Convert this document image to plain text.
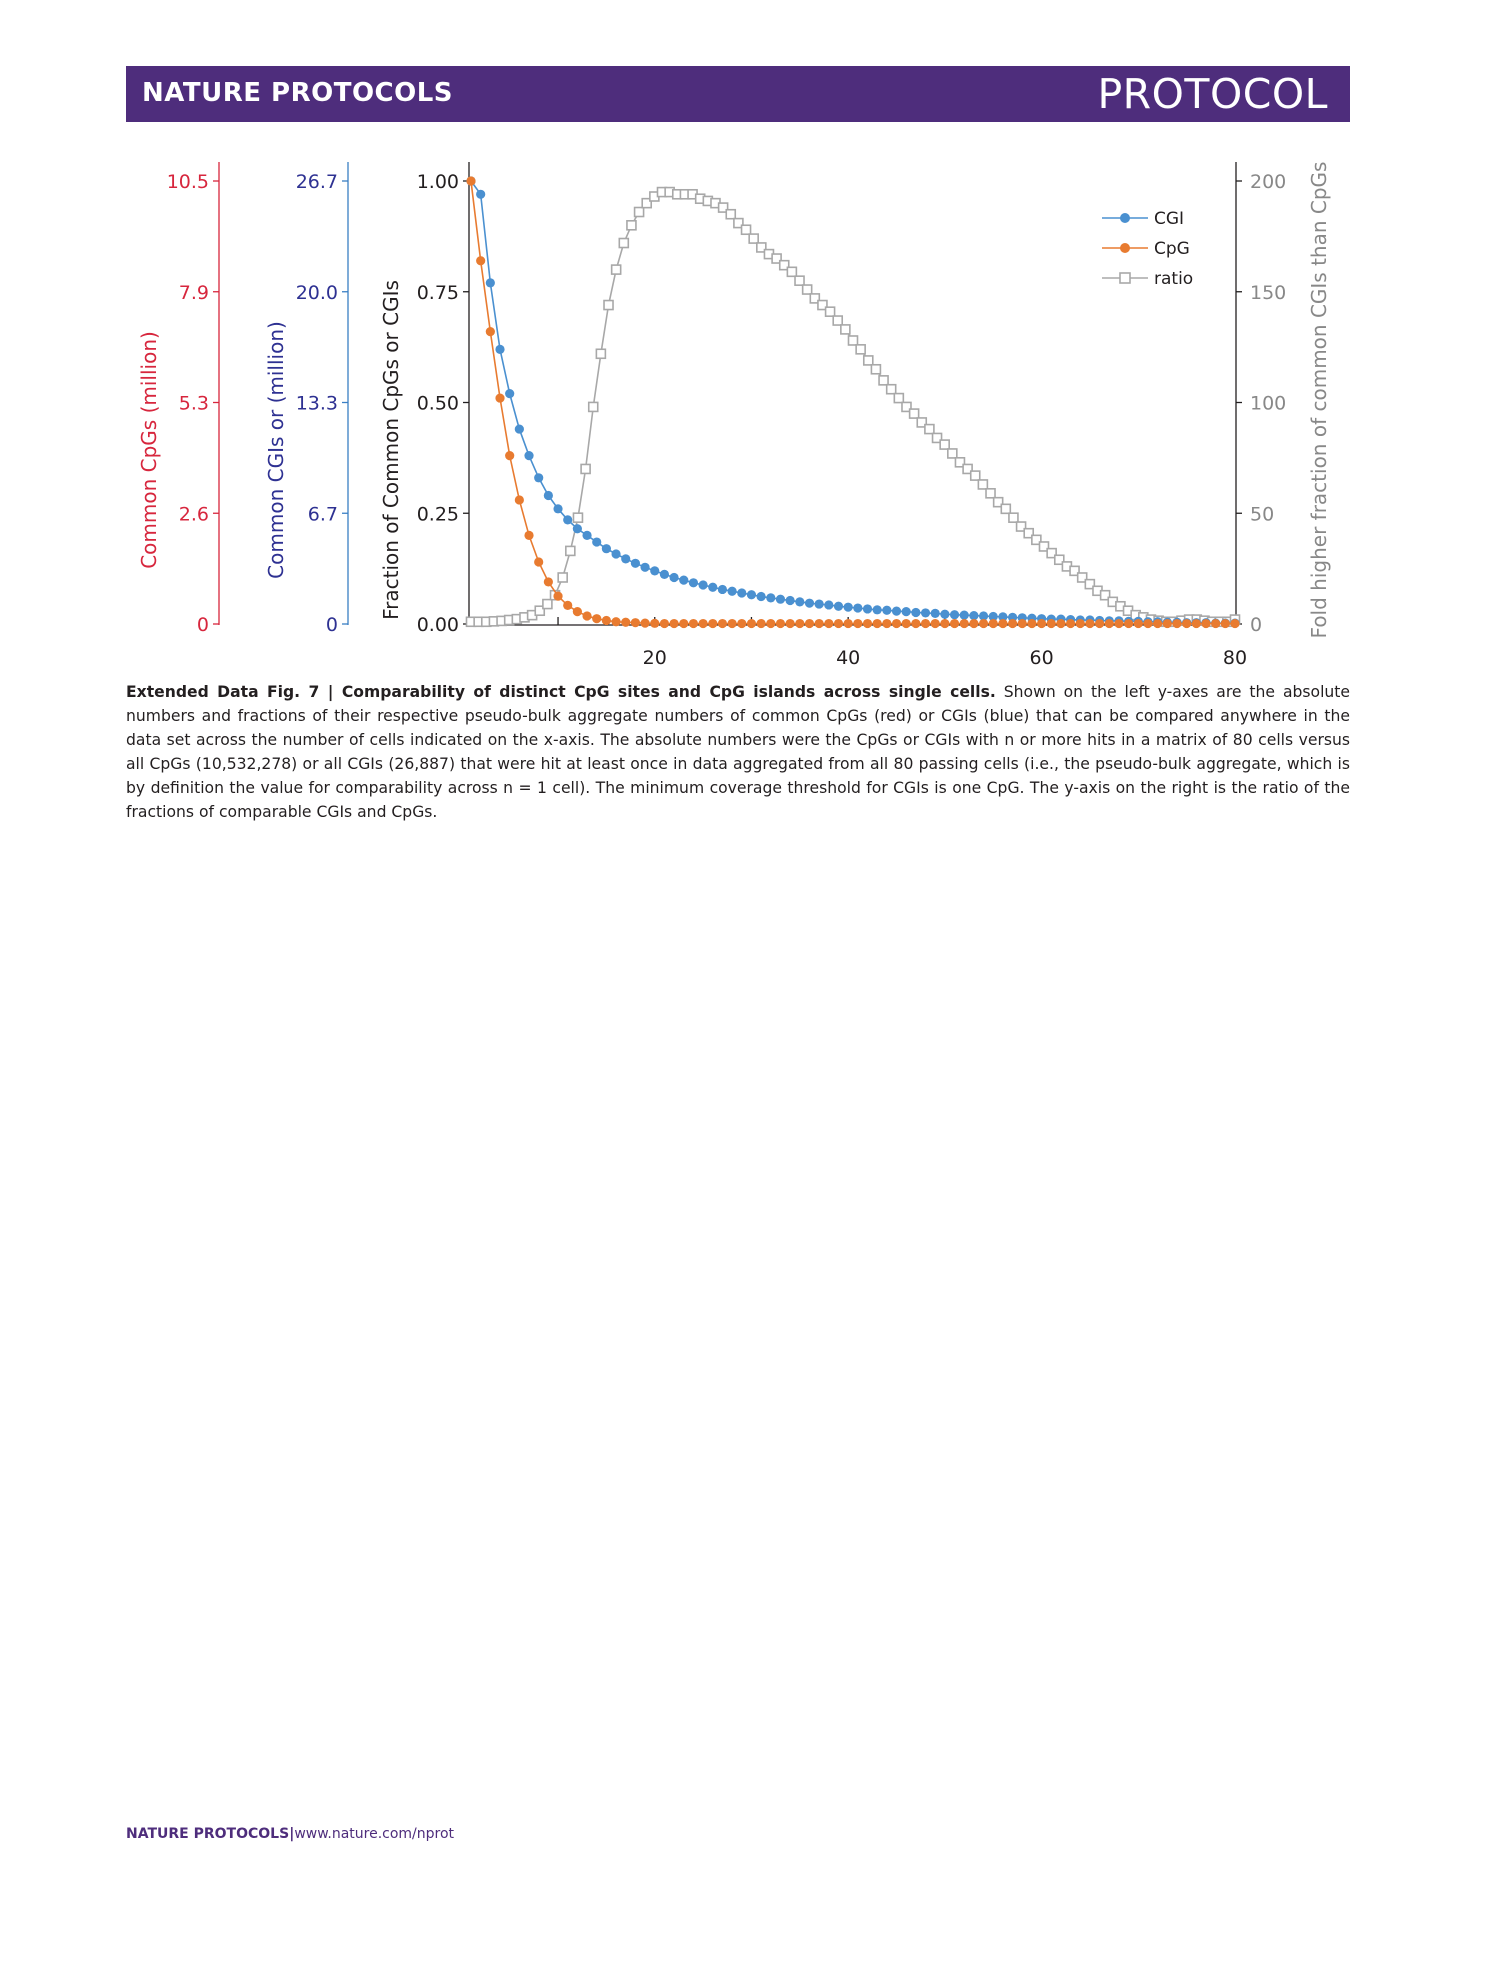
NATURE PROTOCOLS	PROTOCOL
0
2.6
5.3
7.9
10.5
Common CpGs (million)
0
6.7
13.3
20.0
26.7
Common CGIs or (million)
0.00
0.25
0.50
0.75
1.00
Fraction of Common CpGs or CGIs
20	40	60	80
0
50
100
150
200 Fold higher fraction of common CGIs than CpGs
CGI
CpG
ratio
Extended Data Fig. 7 | Comparability of distinct CpG sites and CpG islands across single cells. Shown on the left y-axes are the absolute numbers and fractions of their respective pseudo-bulk aggregate numbers of common CpGs (red) or CGIs (blue) that can be compared anywhere in the data set across the number of cells indicated on the x-axis. The absolute numbers were the CpGs or CGIs with n or more hits in a matrix of 80 cells versus all CpGs (10,532,278) or all CGIs (26,887) that were hit at least once in data aggregated from all 80 passing cells (i.e., the pseudo-bulk aggregate, which is by definition the value for comparability across n = 1 cell). The minimum coverage threshold for CGIs is one CpG. The y-axis on the right is the ratio of the fractions of comparable CGIs and CpGs.
NATURE PROTOCOLS|www.nature.com/nprot
